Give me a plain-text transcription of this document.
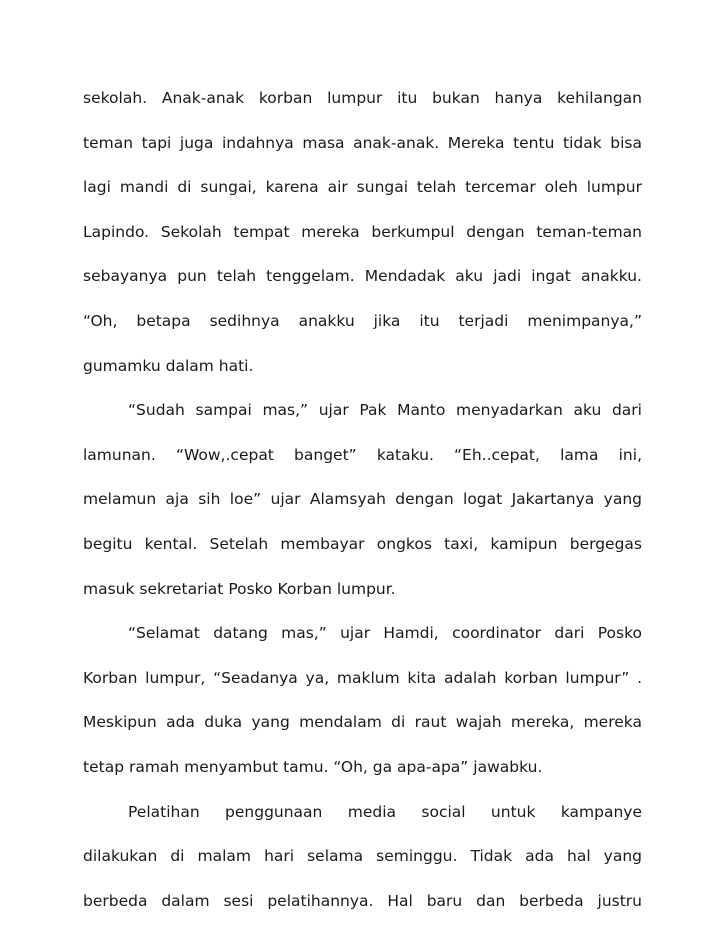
sekolah. Anak-anak korban lumpur itu bukan hanya kehilangan
teman tapi juga indahnya masa anak-anak. Mereka tentu tidak bisa
lagi mandi di sungai, karena air sungai telah tercemar oleh lumpur
Lapindo. Sekolah tempat mereka berkumpul dengan teman-teman
sebayanya pun telah tenggelam. Mendadak aku jadi ingat anakku.
“Oh, betapa sedihnya anakku jika itu terjadi menimpanya,”
gumamku dalam hati.
“Sudah sampai mas,” ujar Pak Manto menyadarkan aku dari
lamunan. “Wow,.cepat banget” kataku. “Eh..cepat, lama ini,
melamun aja sih loe” ujar Alamsyah dengan logat Jakartanya yang
begitu kental. Setelah membayar ongkos taxi, kamipun bergegas
masuk sekretariat Posko Korban lumpur.
“Selamat datang mas,” ujar Hamdi, coordinator dari Posko
Korban lumpur, “Seadanya ya, maklum kita adalah korban lumpur” .
Meskipun ada duka yang mendalam di raut wajah mereka, mereka
tetap ramah menyambut tamu. “Oh, ga apa-apa” jawabku.
Pelatihan penggunaan media social untuk kampanye
dilakukan di malam hari selama seminggu. Tidak ada hal yang
berbeda dalam sesi pelatihannya. Hal baru dan berbeda justru
